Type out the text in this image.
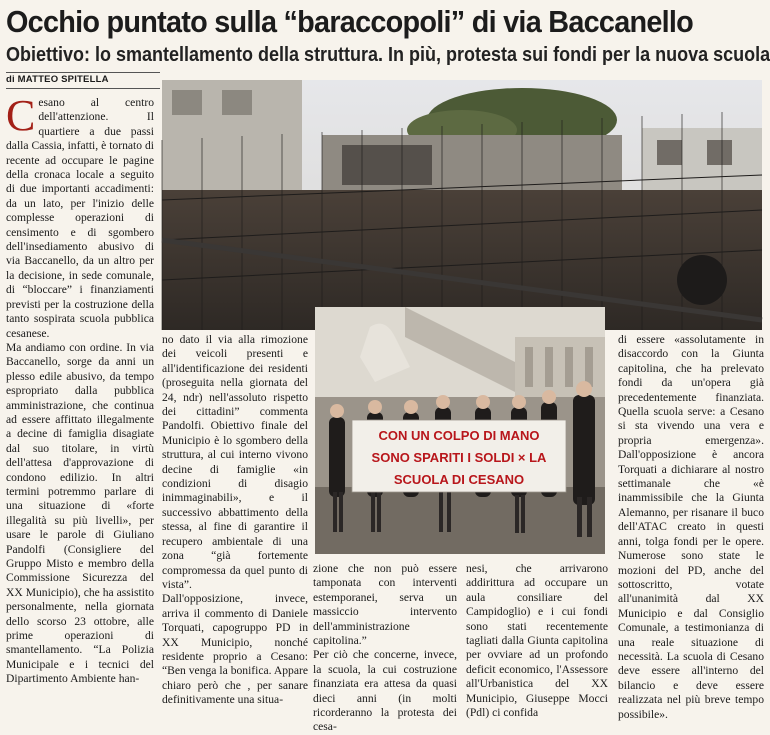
Occhio puntato sulla “baraccopoli” di via Baccanello
Obiettivo: lo smantellamento della struttura. In più, protesta sui fondi per la nuova scuola
di MATTEO SPITELLA

Cesano al centro dell'attenzione. Il quartiere a due passi dalla Cassia, infatti, è tornato di recente ad occupare le pagine della cronaca locale a seguito di due importanti accadimenti: da un lato, per l'inizio delle complesse operazioni di censimento e di sgombero dell'insediamento abusivo di via Baccanello, da un altro per la decisione, in sede comunale, di “bloccare” i finanziamenti previsti per la costruzione della tanto sospirata scuola pubblica cesanese.

Ma andiamo con ordine. In via Baccanello, sorge da anni un plesso edile abusivo, da tempo espropriato dalla pubblica amministrazione, che continua ad essere affittato illegalmente a decine di famiglia disagiate dal suo titolare, in virtù dell'attesa d'approvazione di condono edilizio. In altri termini potremmo parlare di una situazione di «forte illegalità su più livelli», per usare le parole di Giuliano Pandolfi (Consigliere del Gruppo Misto e membro della Commissione Sicurezza del XX Municipio), che ha assistito personalmente, nella giornata dello scorso 23 ottobre, alle prime operazioni di smantellamento. “La Polizia Municipale e i tecnici del Dipartimento Ambiente han-

no dato il via alla rimozione dei veicoli presenti e all'identificazione dei residenti (proseguita nella giornata del 24, ndr) nell'assoluto rispetto dei cittadini” commenta Pandolfi. Obiettivo finale del Municipio è lo sgombero della struttura, al cui interno vivono decine di famiglie «in condizioni di disagio inimmaginabili», e il successivo abbattimento della stessa, al fine di garantire il recupero ambientale di una zona “già fortemente compromessa da quel punto di vista”.

Dall'opposizione, invece, arriva il commento di Daniele Torquati, capogruppo PD in XX Municipio, nonché residente proprio a Cesano: “Ben venga la bonifica. Appare chiaro però che , per sanare definitivamente una situa-

CON UN COLPO DI MANO
SONO SPARITI I SOLDI × LA
SCUOLA DI CESANO

zione che non può essere tamponata con interventi estemporanei, serva un massiccio intervento dell'amministrazione capitolina.”

Per ciò che concerne, invece, la scuola, la cui costruzione finanziata era attesa da quasi dieci anni (in molti ricorderanno la protesta dei cesa-

nesi, che arrivarono addirittura ad occupare un aula consiliare del Campidoglio) e i cui fondi sono stati recentemente tagliati dalla Giunta capitolina per ovviare ad un profondo deficit economico, l'Assessore all'Urbanistica del XX Municipio, Giuseppe Mocci (Pdl) ci confida

di essere «assolutamente in disaccordo con la Giunta capitolina, che ha prelevato fondi da un'opera già precedentemente finanziata. Quella scuola serve: a Cesano si sta vivendo una vera e propria emergenza». Dall'opposizione è ancora Torquati a dichiarare al nostro settimanale che «è inammissibile che la Giunta Alemanno, per risanare il buco dell'ATAC creato in questi anni, tolga fondi per le opere. Numerose sono state le mozioni del PD, anche del sottoscritto, votate all'unanimità dal XX Municipio e dal Consiglio Comunale, a testimonianza di una reale situazione di necessità. La scuola di Cesano deve essere all'interno del bilancio e deve essere realizzata nel più breve tempo possibile».
